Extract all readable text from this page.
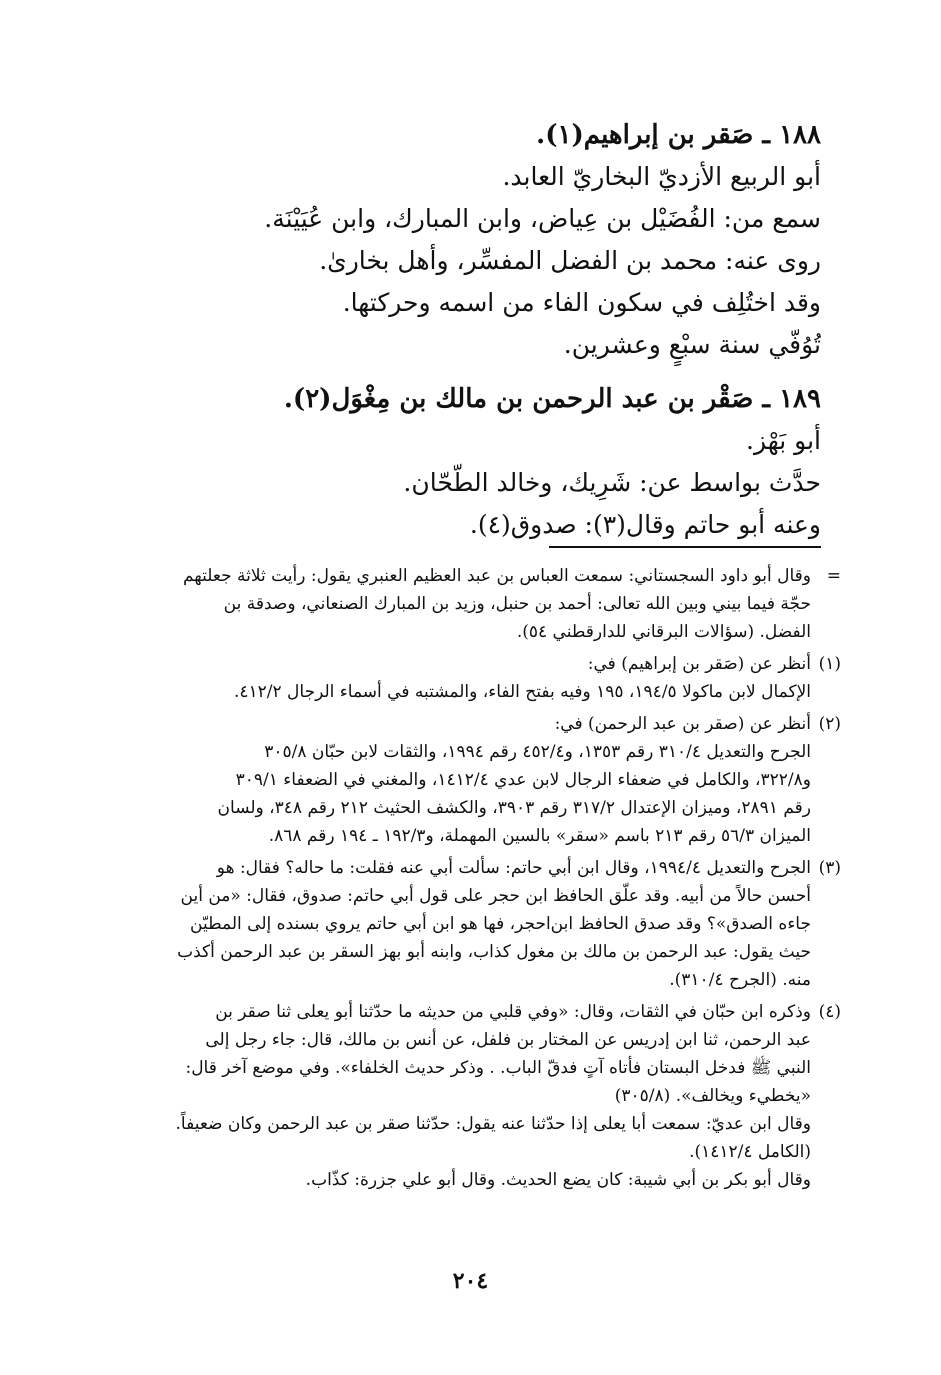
١٨٨ ـ صَقر بن إبراهيم(١).
أبو الربيع الأزديّ البخاريّ العابد.
سمع من: الفُضَيْل بن عِياض، وابن المبارك، وابن عُيَيْنَة.
روى عنه: محمد بن الفضل المفسِّر، وأهل بخارىٰ.
وقد اختُلِف في سكون الفاء من اسمه وحركتها.
تُوُفّي سنة سبْعٍ وعشرين.
١٨٩ ـ صَقْر بن عبد الرحمن بن مالك بن مِغْوَل(٢).
أبو بَهْز.
حدَّث بواسط عن: شَرِيك، وخالد الطّحّان.
وعنه أبو حاتم وقال(٣): صدوق(٤).
=
وقال أبو داود السجستاني: سمعت العباس بن عبد العظيم العنبري يقول: رأيت ثلاثة جعلتهم
حجّة فيما بيني وبين الله تعالى: أحمد بن حنبل، وزيد بن المبارك الصنعاني، وصدقة بن
الفضل. (سؤالات البرقاني للدارقطني ٥٤).
(١)
أنظر عن (صَقر بن إبراهيم) في:
الإكمال لابن ماكولا ١٩٤/٥، ١٩٥ وفيه بفتح الفاء، والمشتبه في أسماء الرجال ٤١٢/٢.
(٢)
أنظر عن (صقر بن عبد الرحمن) في:
الجرح والتعديل ٣١٠/٤ رقم ١٣٥٣، و٤٥٢/٤ رقم ١٩٩٤، والثقات لابن حبّان ٣٠٥/٨
و٣٢٢/٨، والكامل في ضعفاء الرجال لابن عدي ١٤١٢/٤، والمغني في الضعفاء ٣٠٩/١
رقم ٢٨٩١، وميزان الإعتدال ٣١٧/٢ رقم ٣٩٠٣، والكشف الحثيث ٢١٢ رقم ٣٤٨، ولسان
الميزان ٥٦/٣ رقم ٢١٣ باسم «سقر» بالسين المهملة، و١٩٢/٣ ـ ١٩٤ رقم ٨٦٨.
(٣)
الجرح والتعديل ١٩٩٤/٤، وقال ابن أبي حاتم: سألت أبي عنه فقلت: ما حاله؟ فقال: هو
أحسن حالاً من أبيه. وقد علّق الحافظ ابن حجر على قول أبي حاتم: صدوق، فقال: «من أين
جاءه الصدق»؟ وقد صدق الحافظ ابن‌احجر، فها هو ابن أبي حاتم يروي بسنده إلى المطيّن
حيث يقول: عبد الرحمن بن مالك بن مغول كذاب، وابنه أبو بهز السقر بن عبد الرحمن أكذب
منه. (الجرح ٣١٠/٤).
(٤)
وذكره ابن حبّان في الثقات، وقال: «وفي قلبي من حديثه ما حدّثنا أبو يعلى ثنا صقر بن
عبد الرحمن، ثنا ابن إدريس عن المختار بن فلفل، عن أنس بن مالك، قال: جاء رجل إلى
النبي ﷺ فدخل البستان فأتاه آتٍ فدقّ الباب. . وذكر حديث الخلفاء». وفي موضع آخر قال:
«يخطيء ويخالف». (٣٠٥/٨)
وقال ابن عديّ: سمعت أبا يعلى إذا حدّثنا عنه يقول: حدّثنا صقر بن عبد الرحمن وكان ضعيفاً.
(الكامل ١٤١٢/٤).
وقال أبو بكر بن أبي شيبة: كان يضع الحديث. وقال أبو علي جزرة: كذّاب.
٢٠٤
